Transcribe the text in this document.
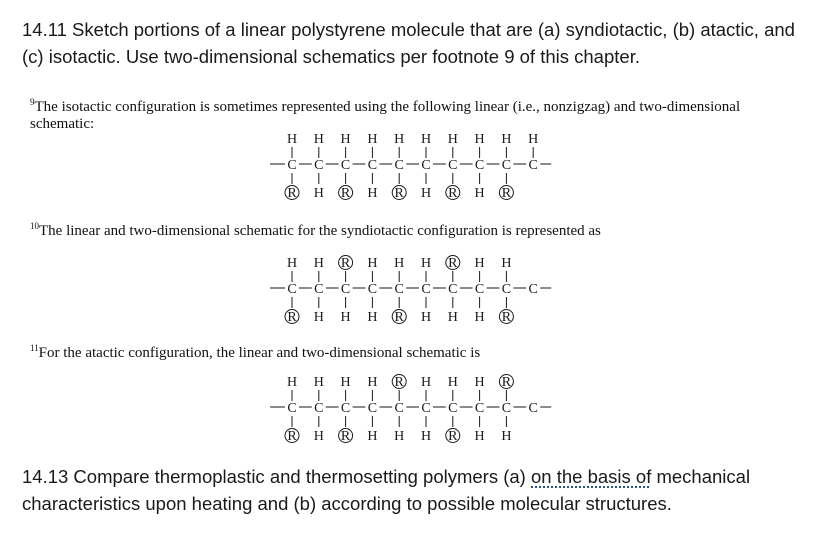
14.11 Sketch portions of a linear polystyrene molecule that are (a) syndiotactic, (b) atactic, and
(c) isotactic. Use two-dimensional schematics per footnote 9 of this chapter.

$^9$The isotactic configuration is sometimes represented using the following linear (i.e., nonzigzag) and two-dimensional schematic:

C
H
R
C
H
H
C
H
R
C
H
H
C
H
R
C
H
H
C
H
R
C
H
H
C
H
R
C
H

$^{10}$The linear and two-dimensional schematic for the syndiotactic configuration is represented as

C
H
R
C
H
H
C
R
H
C
H
H
C
H
R
C
H
H
C
R
H
C
H
H
C
H
R
C

$^{11}$For the atactic configuration, the linear and two-dimensional schematic is

C
H
R
C
H
H
C
H
R
C
H
H
C
R
H
C
H
H
C
H
R
C
H
H
C
R
H
C

14.13 Compare thermoplastic and thermosetting polymers (a) on the basis of mechanical
characteristics upon heating and (b) according to possible molecular structures.
